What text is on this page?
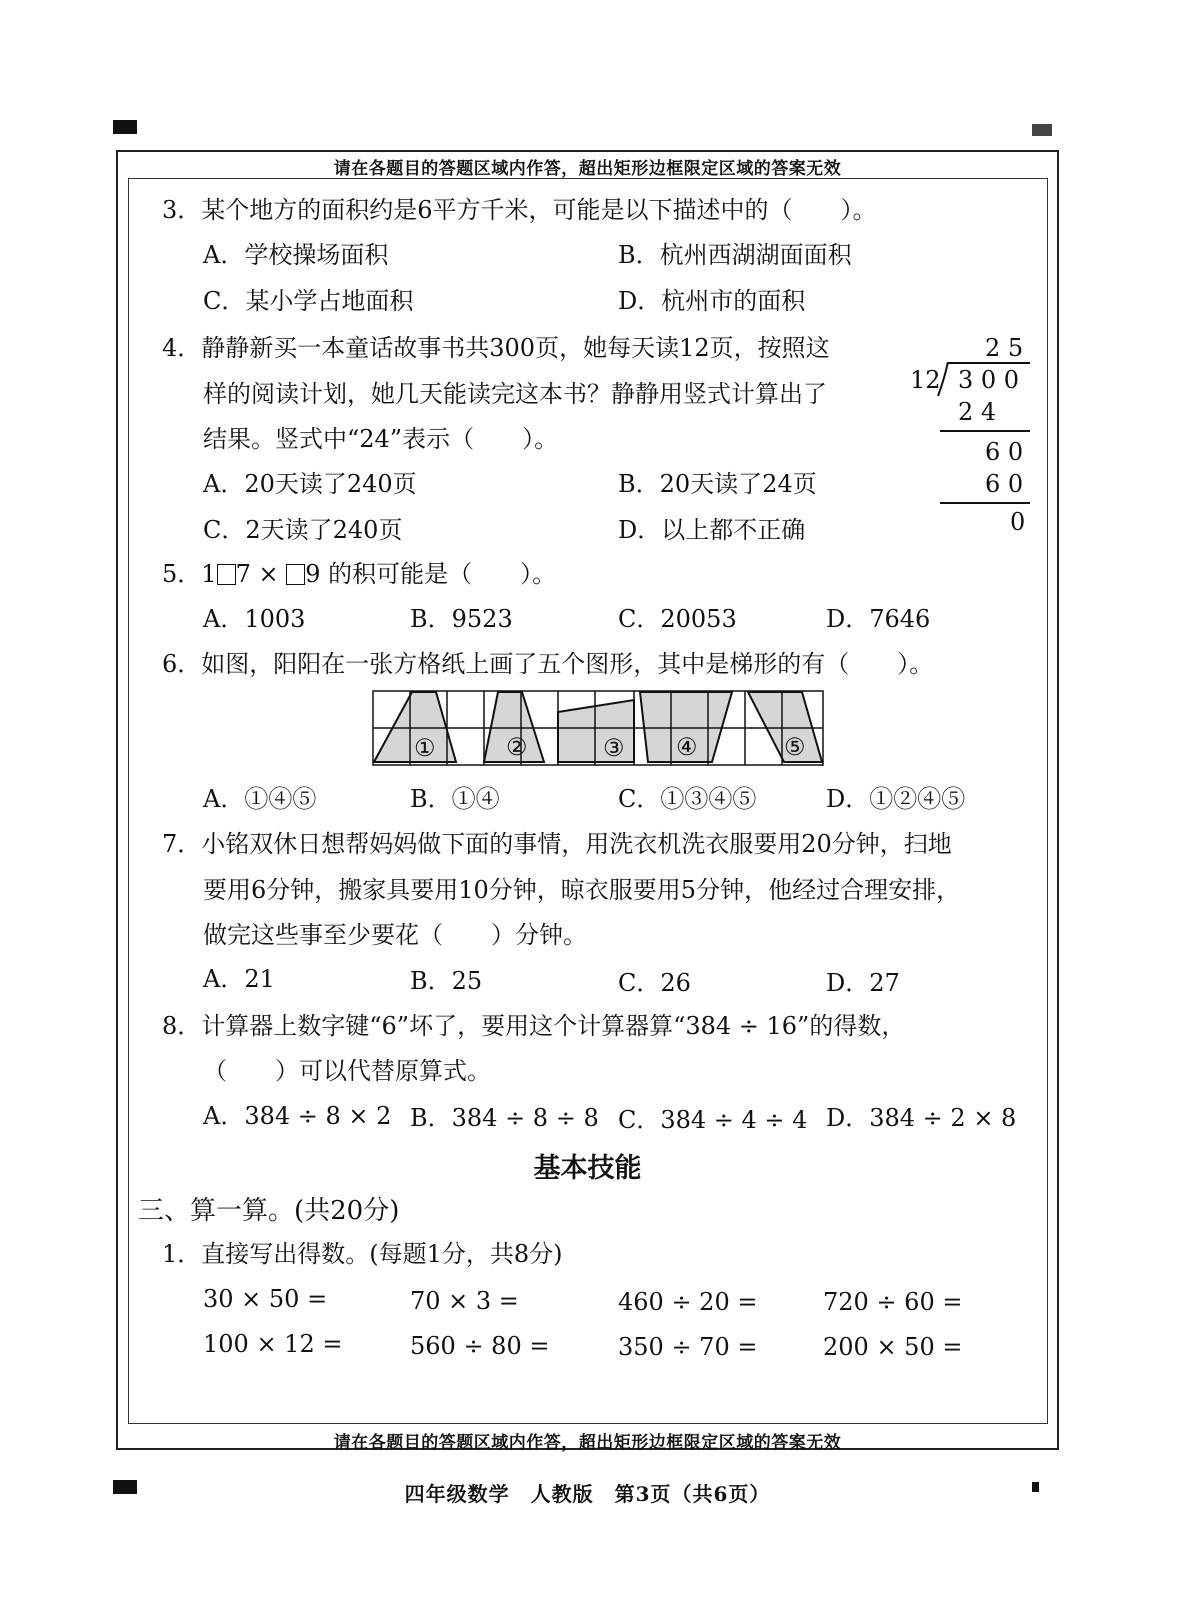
请在各题目的答题区域内作答，超出矩形边框限定区域的答案无效
3．某个地方的面积约是6平方千米，可能是以下描述中的（　　）。
A．学校操场面积	B．杭州西湖湖面面积
C．某小学占地面积	D．杭州市的面积
4．静静新买一本童话故事书共300页，她每天读12页，按照这
样的阅读计划，她几天能读完这本书？静静用竖式计算出了
结果。竖式中“24”表示（　　）。
A．20天读了240页	B．20天读了24页
C．2天读了240页	D．以上都不正确
2 5
12 3 0 0
2 4
6 0
6 0
0
5．1 7 × 9 的积可能是（　　）。
A．1003	B．9523	C．20053	D．7646
6．如图，阳阳在一张方格纸上画了五个图形，其中是梯形的有（　　）。
①	②	③ ④	⑤
A．①④⑤	B．①④	C．①③④⑤	D．①②④⑤
7．小铭双休日想帮妈妈做下面的事情，用洗衣机洗衣服要用20分钟，扫地
要用6分钟，搬家具要用10分钟，晾衣服要用5分钟，他经过合理安排，
做完这些事至少要花（　　）分钟。
A．21	B．25	C．26	D．27
8．计算器上数字键“6”坏了，要用这个计算器算“384 ÷ 16”的得数，
（　　）可以代替原算式。
A．384 ÷ 8 × 2 B．384 ÷ 8 ÷ 8 C．384 ÷ 4 ÷ 4 D．384 ÷ 2 × 8
基本技能
三、算一算。(共20分)
1．直接写出得数。(每题1分，共8分)
30 × 50 =	70 × 3 =	460 ÷ 20 =	720 ÷ 60 =
100 × 12 =	560 ÷ 80 =	350 ÷ 70 =	200 × 50 =
请在各题目的答题区域内作答，超出矩形边框限定区域的答案无效
四年级数学　人教版　第3页（共6页）
